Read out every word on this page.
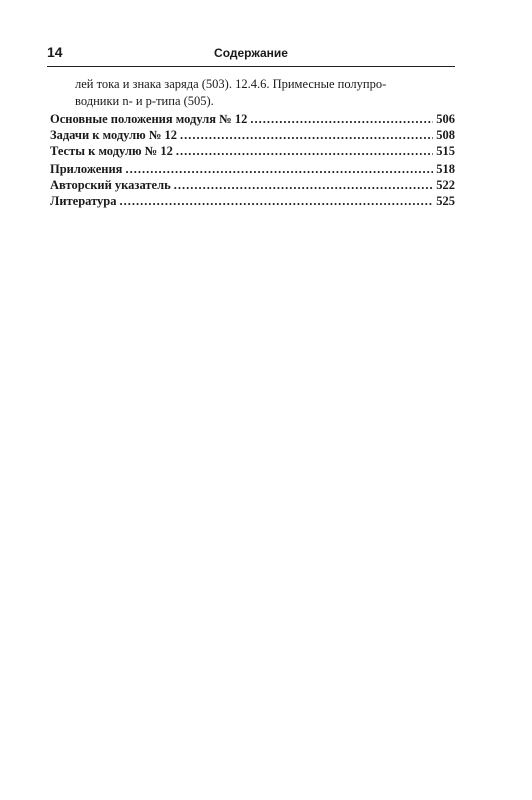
14	Содержание

лей тока и знака заряда (503). 12.4.6. Примесные полупро-

водники n- и p-типа (505).

Основные положения модуля № 12 .....	506
Задачи к модулю № 12 .....	508
Тесты к модулю № 12 .....	515
Приложения .....	518
Авторский указатель .....	522
Литература .....	525
